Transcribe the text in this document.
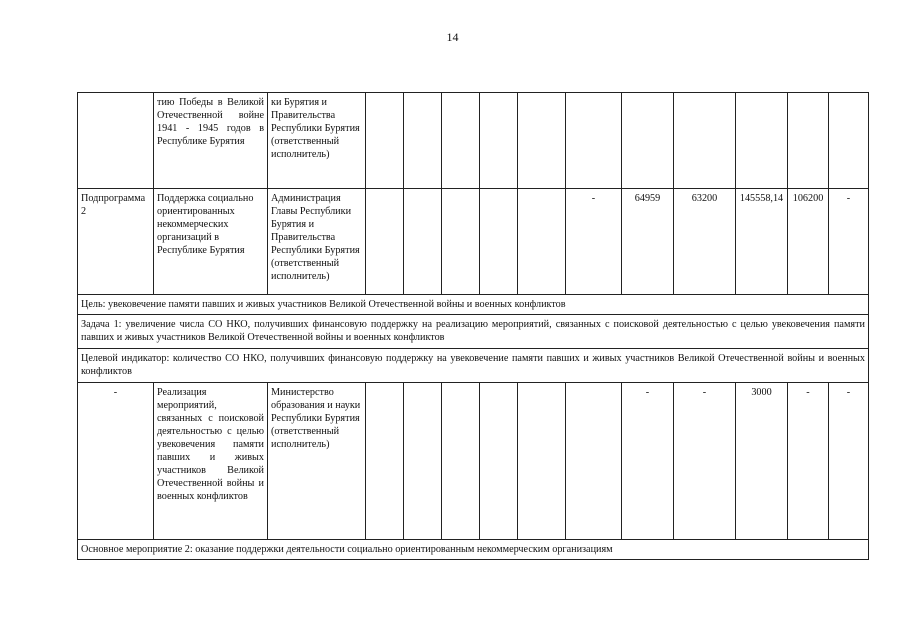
14
	тию Победы в Великой Отечественной войне 1941 - 1945 годов в Республике Бурятия	ки Бурятия и Правительства Республики Бурятия (ответственный исполнитель)												
Подпрограмма 2	Поддержка социально ориентированных некоммерческих организаций в Республике Бурятия	Администрация Главы Республики Бурятия и Правительства Республики Бурятия (ответственный исполнитель)						-	64959	63200	145558,14	106200	-	
Цель: увековечение памяти павших и живых участников Великой Отечественной войны и военных конфликтов														
Задача 1: увеличение числа СО НКО, получивших финансовую поддержку на реализацию мероприятий, связанных с поисковой деятельностью с целью увековечения памяти павших и живых участников Великой Отечественной войны и военных конфликтов														
Целевой индикатор: количество СО НКО, получивших финансовую поддержку на увековечение памяти павших и живых участников Великой Отечественной войны и военных конфликтов														
-	Реализация мероприятий, связанных с поисковой деятельностью с целью увековечения памяти павших и живых участников Великой Отечественной войны и военных конфликтов	Министерство образования и науки Республики Бурятия (ответственный исполнитель)							-	-	3000	-	-	
Основное мероприятие 2: оказание поддержки деятельности социально ориентированным некоммерческим организациям														
